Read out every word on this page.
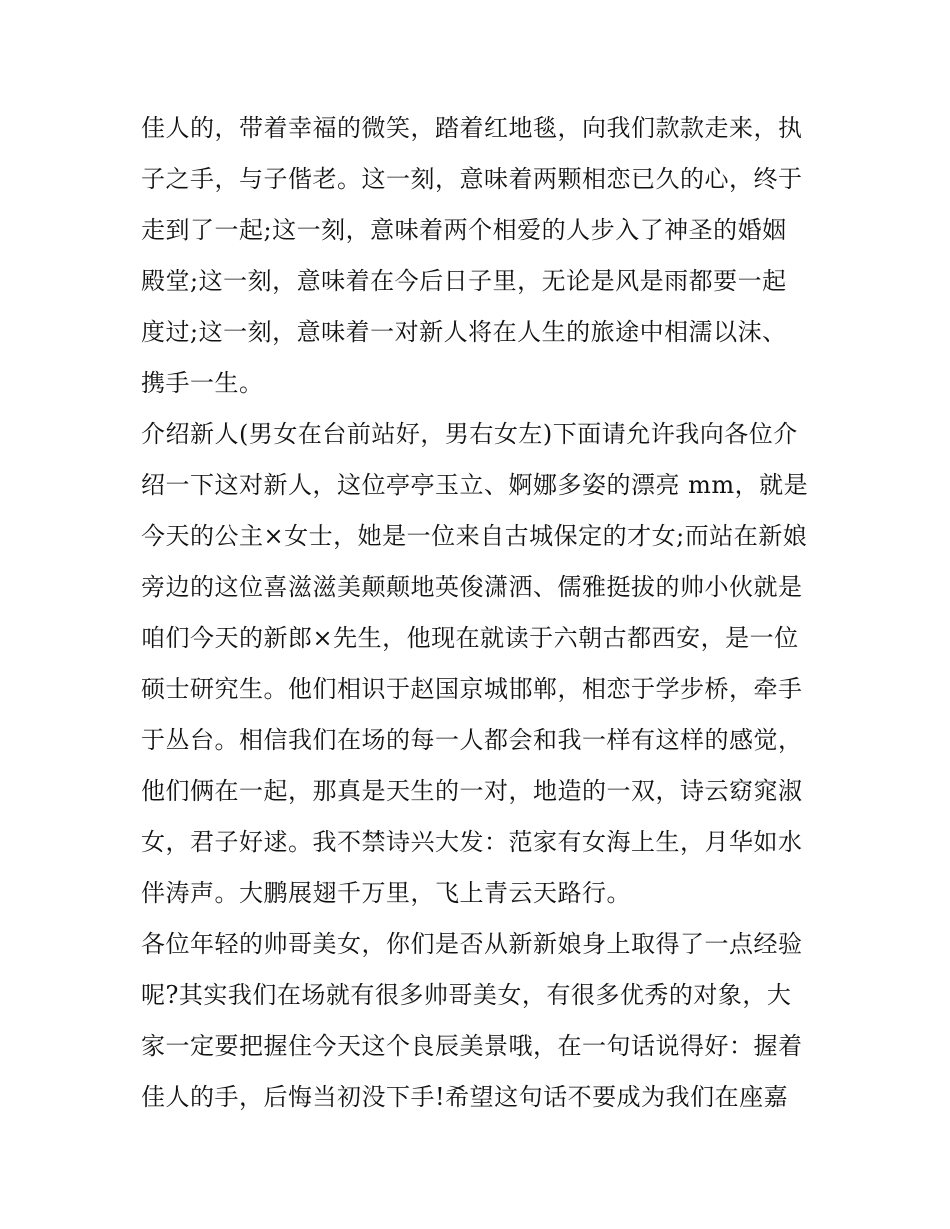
佳人的，带着幸福的微笑，踏着红地毯，向我们款款走来，执
子之手，与子偕老。这一刻，意味着两颗相恋已久的心，终于
走到了一起;这一刻，意味着两个相爱的人步入了神圣的婚姻
殿堂;这一刻，意味着在今后日子里，无论是风是雨都要一起
度过;这一刻，意味着一对新人将在人生的旅途中相濡以沫、
携手一生。
介绍新人(男女在台前站好，男右女左)下面请允许我向各位介
绍一下这对新人，这位亭亭玉立、婀娜多姿的漂亮 mm，就是
今天的公主×女士，她是一位来自古城保定的才女;而站在新娘
旁边的这位喜滋滋美颠颠地英俊潇洒、儒雅挺拔的帅小伙就是
咱们今天的新郎×先生，他现在就读于六朝古都西安，是一位
硕士研究生。他们相识于赵国京城邯郸，相恋于学步桥，牵手
于丛台。相信我们在场的每一人都会和我一样有这样的感觉，
他们俩在一起，那真是天生的一对，地造的一双，诗云窈窕淑
女，君子好逑。我不禁诗兴大发：范家有女海上生，月华如水
伴涛声。大鹏展翅千万里，飞上青云天路行。
各位年轻的帅哥美女，你们是否从新新娘身上取得了一点经验
呢?其实我们在场就有很多帅哥美女，有很多优秀的对象，大
家一定要把握住今天这个良辰美景哦，在一句话说得好：握着
佳人的手，后悔当初没下手!希望这句话不要成为我们在座嘉
